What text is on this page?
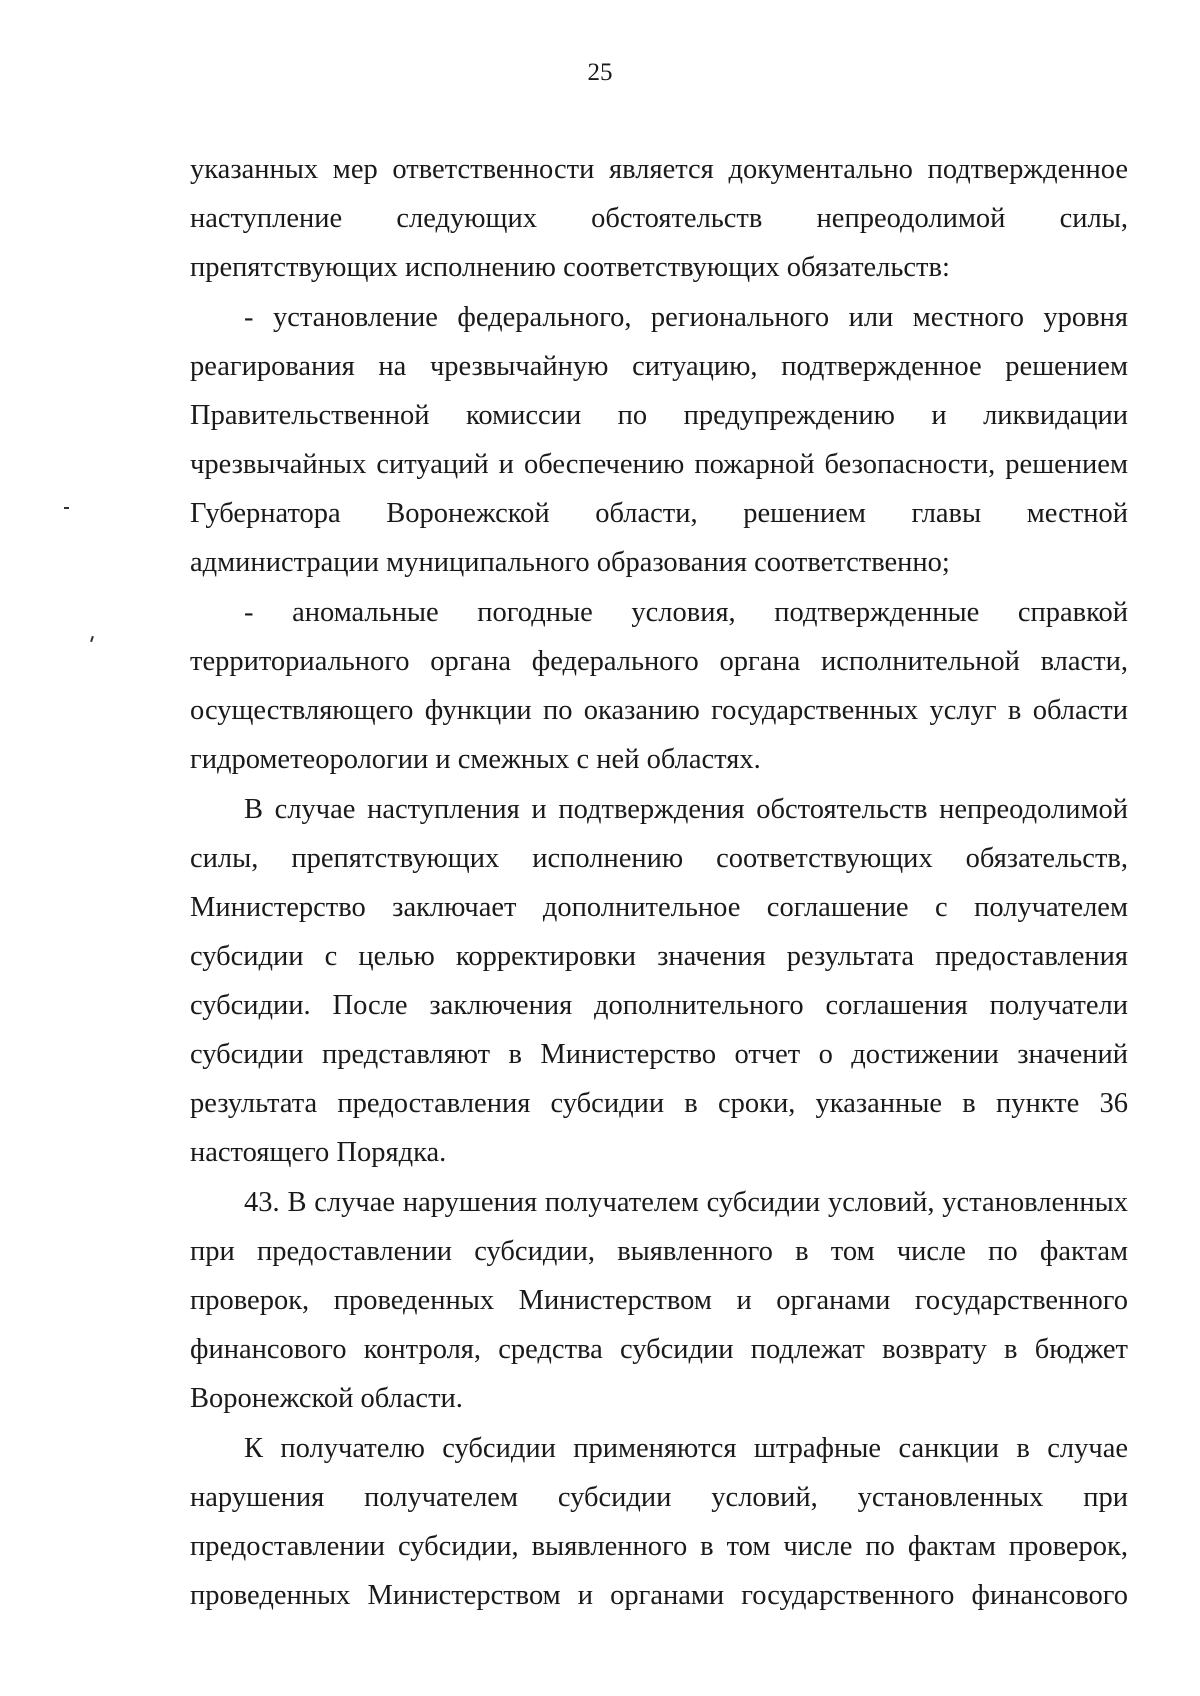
25
указанных мер ответственности является документально подтвержденное
наступление следующих обстоятельств непреодолимой силы,
препятствующих исполнению соответствующих обязательств:
- установление федерального, регионального или местного уровня
реагирования на чрезвычайную ситуацию, подтвержденное решением
Правительственной комиссии по предупреждению и ликвидации
чрезвычайных ситуаций и обеспечению пожарной безопасности, решением
Губернатора Воронежской области, решением главы местной
администрации муниципального образования соответственно;
- аномальные погодные условия, подтвержденные справкой
территориального органа федерального органа исполнительной власти,
осуществляющего функции по оказанию государственных услуг в области
гидрометеорологии и смежных с ней областях.
В случае наступления и подтверждения обстоятельств непреодолимой
силы, препятствующих исполнению соответствующих обязательств,
Министерство заключает дополнительное соглашение с получателем
субсидии с целью корректировки значения результата предоставления
субсидии. После заключения дополнительного соглашения получатели
субсидии представляют в Министерство отчет о достижении значений
результата предоставления субсидии в сроки, указанные в пункте 36
настоящего Порядка.
43. В случае нарушения получателем субсидии условий, установленных
при предоставлении субсидии, выявленного в том числе по фактам
проверок, проведенных Министерством и органами государственного
финансового контроля, средства субсидии подлежат возврату в бюджет
Воронежской области.
К получателю субсидии применяются штрафные санкции в случае
нарушения получателем субсидии условий, установленных при
предоставлении субсидии, выявленного в том числе по фактам проверок,
проведенных Министерством и органами государственного финансового
